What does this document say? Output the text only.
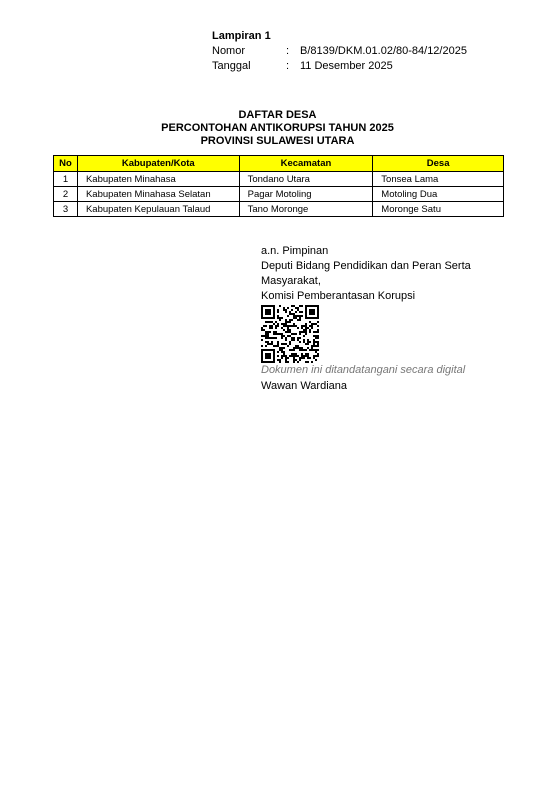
Lampiran 1
Nomor	: B/8139/DKM.01.02/80-84/12/2025
Tanggal	: 11 Desember 2025
DAFTAR DESA
PERCONTOHAN ANTIKORUPSI TAHUN 2025
PROVINSI SULAWESI UTARA
No	Kabupaten/Kota	Kecamatan	Desa
1	Kabupaten Minahasa	Tondano Utara	Tonsea Lama
2	Kabupaten Minahasa Selatan	Pagar Motoling	Motoling Dua
3	Kabupaten Kepulauan Talaud	Tano Moronge	Moronge Satu
a.n. Pimpinan
Deputi Bidang Pendidikan dan Peran Serta
Masyarakat,
Komisi Pemberantasan Korupsi
Dokumen ini ditandatangani secara digital
Wawan Wardiana
